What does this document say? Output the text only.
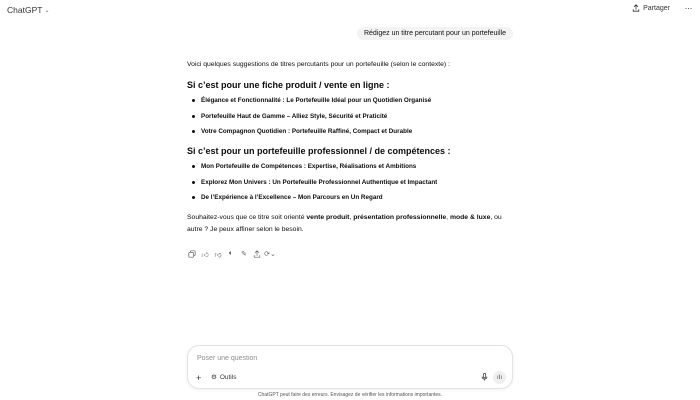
ChatGPT ⌄	Partager ···
Rédigez un titre percutant pour un portefeuille

Voici quelques suggestions de titres percutants pour un portefeuille (selon le contexte) :

Si c’est pour une fiche produit / vente en ligne :
Élégance et Fonctionnalité : Le Portefeuille Idéal pour un Quotidien Organisé
Portefeuille Haut de Gamme – Alliez Style, Sécurité et Praticité
Votre Compagnon Quotidien : Portefeuille Raffiné, Compact et Durable
Si c’est pour un portefeuille professionnel / de compétences :
Mon Portefeuille de Compétences : Expertise, Réalisations et Ambitions
Explorez Mon Univers : Un Portefeuille Professionnel Authentique et Impactant
De l’Expérience à l’Excellence – Mon Parcours en Un Regard

Souhaitez-vous que ce titre soit orienté vente produit, présentation professionnelle, mode & luxe, ou autre ? Je peux affiner selon le besoin.

👍︎ 👎︎	🔈︎	✎ ⟳⌄
Poser une question
+ ⚙︎ Outils	ıIı
ChatGPT peut faire des erreurs. Envisagez de vérifier les informations importantes.
